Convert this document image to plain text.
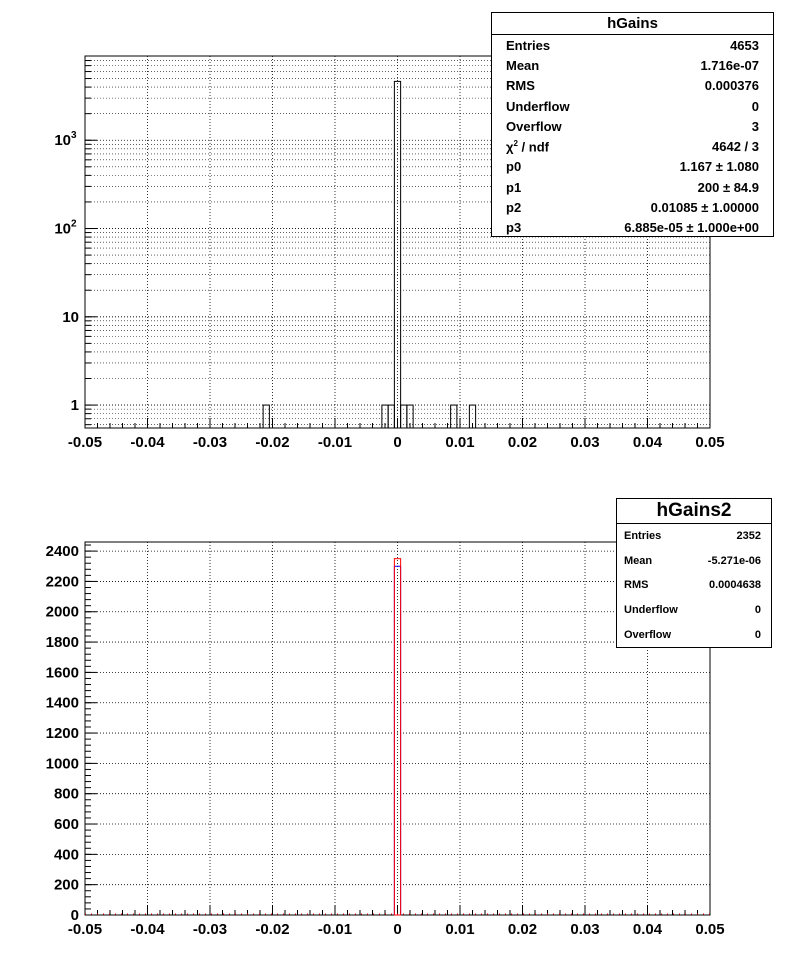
-0.05 -0.04 -0.03 -0.02 -0.01	0	0.01 0.02 0.03 0.04 0.05
1
10
10 2
10 3
-0.05 -0.04 -0.03 -0.02 -0.01	0	0.01 0.02 0.03 0.04 0.05
0
200
400
600
800
1000
1200
1400
1600
1800
2000
2200
2400
hGains
Entries	4653
Mean	1.716e-07
RMS	0.000376
Underflow	0
Overflow	3
$\chi^2$ / ndf	4642 / 3
p0	1.167 ± 1.080
p1	200 ± 84.9
p2	0.01085 ± 1.00000
p3	6.885e-05 ± 1.000e+00
hGains2
Entries	2352
Mean	-5.271e-06
RMS	0.0004638
Underflow	0
Overflow	0
